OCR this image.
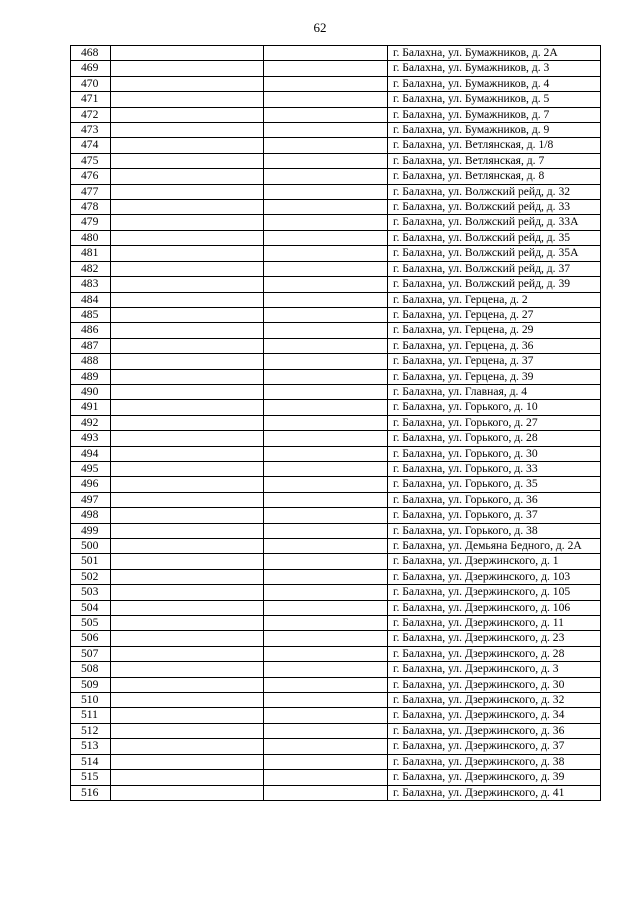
62
468			г. Балахна, ул. Бумажников, д. 2А
469			г. Балахна, ул. Бумажников, д. 3
470			г. Балахна, ул. Бумажников, д. 4
471			г. Балахна, ул. Бумажников, д. 5
472			г. Балахна, ул. Бумажников, д. 7
473			г. Балахна, ул. Бумажников, д. 9
474			г. Балахна, ул. Ветлянская, д. 1/8
475			г. Балахна, ул. Ветлянская, д. 7
476			г. Балахна, ул. Ветлянская, д. 8
477			г. Балахна, ул. Волжский рейд, д. 32
478			г. Балахна, ул. Волжский рейд, д. 33
479			г. Балахна, ул. Волжский рейд, д. 33А
480			г. Балахна, ул. Волжский рейд, д. 35
481			г. Балахна, ул. Волжский рейд, д. 35А
482			г. Балахна, ул. Волжский рейд, д. 37
483			г. Балахна, ул. Волжский рейд, д. 39
484			г. Балахна, ул. Герцена, д. 2
485			г. Балахна, ул. Герцена, д. 27
486			г. Балахна, ул. Герцена, д. 29
487			г. Балахна, ул. Герцена, д. 36
488			г. Балахна, ул. Герцена, д. 37
489			г. Балахна, ул. Герцена, д. 39
490			г. Балахна, ул. Главная, д. 4
491			г. Балахна, ул. Горького, д. 10
492			г. Балахна, ул. Горького, д. 27
493			г. Балахна, ул. Горького, д. 28
494			г. Балахна, ул. Горького, д. 30
495			г. Балахна, ул. Горького, д. 33
496			г. Балахна, ул. Горького, д. 35
497			г. Балахна, ул. Горького, д. 36
498			г. Балахна, ул. Горького, д. 37
499			г. Балахна, ул. Горького, д. 38
500			г. Балахна, ул. Демьяна Бедного, д. 2А
501			г. Балахна, ул. Дзержинского, д. 1
502			г. Балахна, ул. Дзержинского, д. 103
503			г. Балахна, ул. Дзержинского, д. 105
504			г. Балахна, ул. Дзержинского, д. 106
505			г. Балахна, ул. Дзержинского, д. 11
506			г. Балахна, ул. Дзержинского, д. 23
507			г. Балахна, ул. Дзержинского, д. 28
508			г. Балахна, ул. Дзержинского, д. 3
509			г. Балахна, ул. Дзержинского, д. 30
510			г. Балахна, ул. Дзержинского, д. 32
511			г. Балахна, ул. Дзержинского, д. 34
512			г. Балахна, ул. Дзержинского, д. 36
513			г. Балахна, ул. Дзержинского, д. 37
514			г. Балахна, ул. Дзержинского, д. 38
515			г. Балахна, ул. Дзержинского, д. 39
516			г. Балахна, ул. Дзержинского, д. 41
